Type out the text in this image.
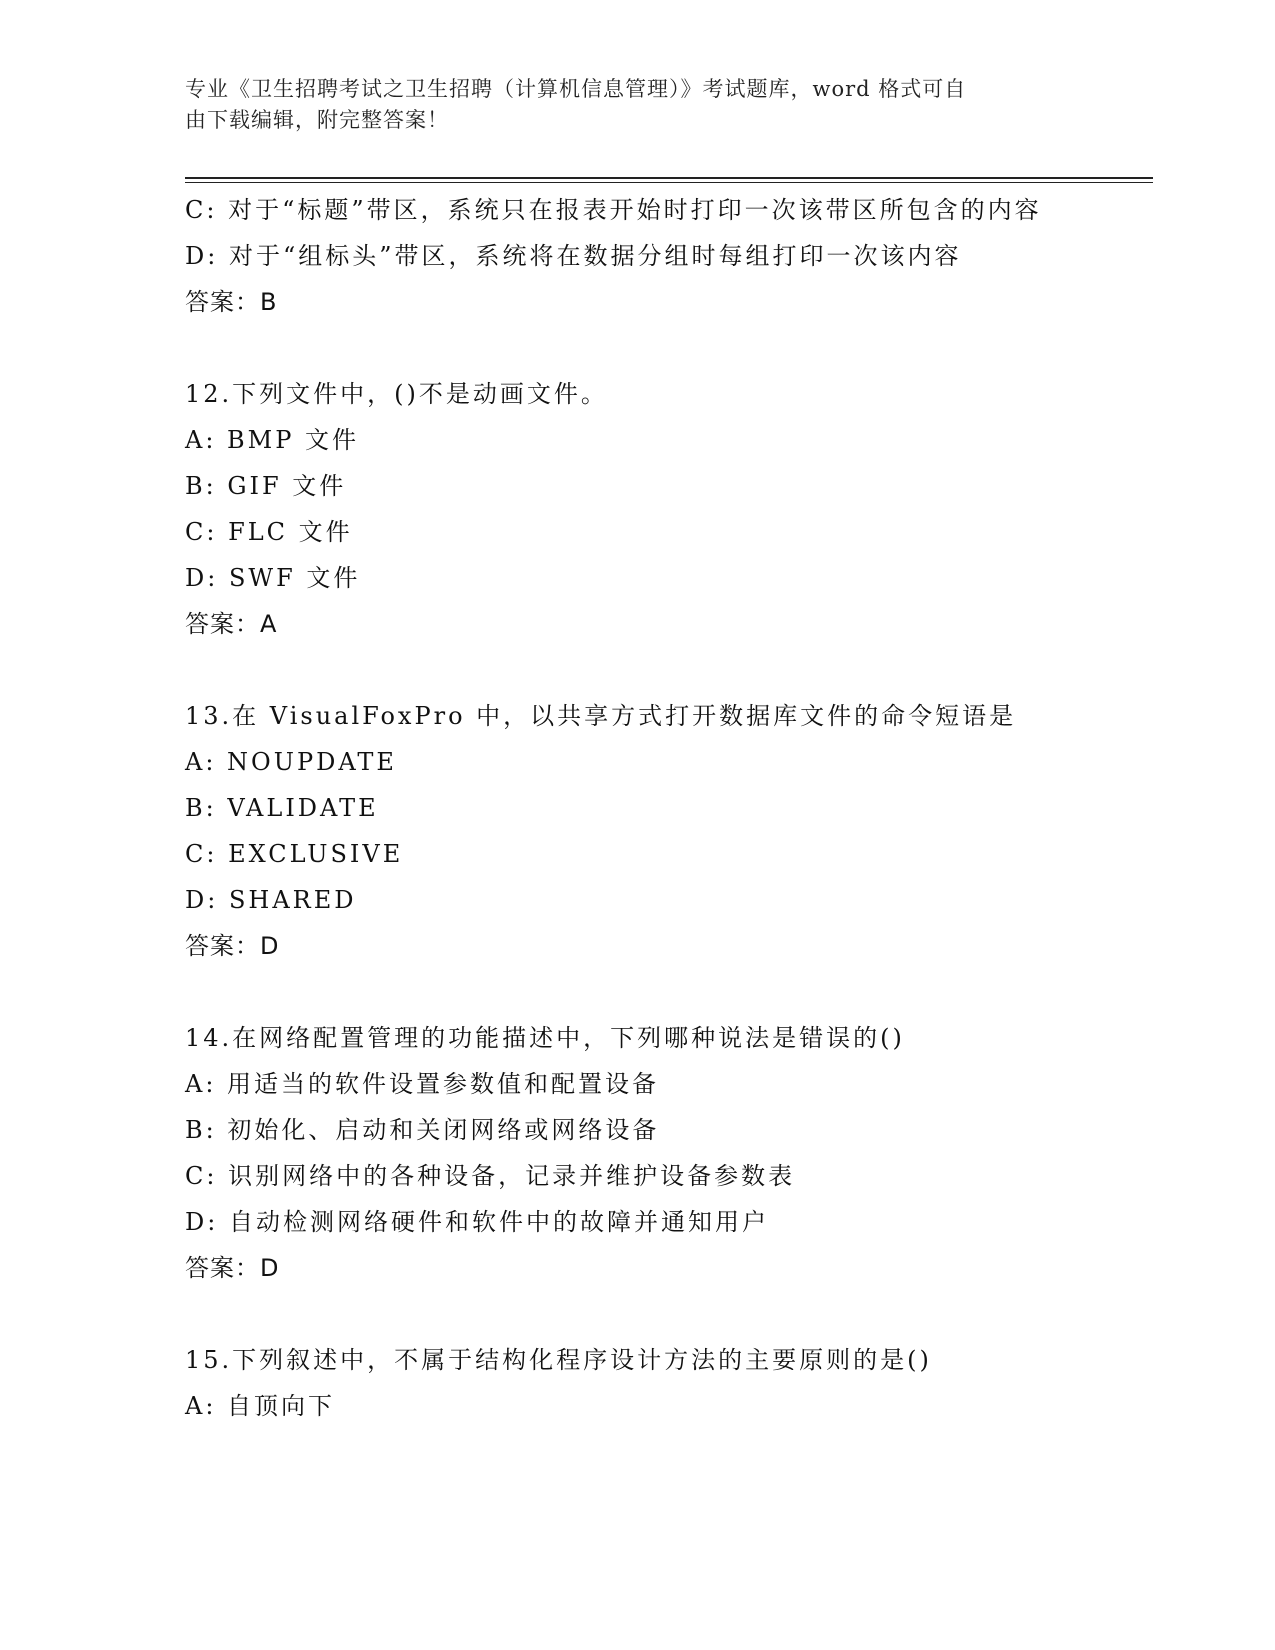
专业《卫生招聘考试之卫生招聘（计算机信息管理）》考试题库，word 格式可自
由下载编辑，附完整答案！
C: 对于“标题”带区，系统只在报表开始时打印一次该带区所包含的内容
D: 对于“组标头”带区，系统将在数据分组时每组打印一次该内容
答案：B
12.下列文件中，()不是动画文件。
A: BMP 文件
B: GIF 文件
C: FLC 文件
D: SWF 文件
答案：A
13.在 VisualFoxPro 中，以共享方式打开数据库文件的命令短语是
A: NOUPDATE
B: VALIDATE
C: EXCLUSIVE
D: SHARED
答案：D
14.在网络配置管理的功能描述中，下列哪种说法是错误的()
A: 用适当的软件设置参数值和配置设备
B: 初始化、启动和关闭网络或网络设备
C: 识别网络中的各种设备，记录并维护设备参数表
D: 自动检测网络硬件和软件中的故障并通知用户
答案：D
15.下列叙述中，不属于结构化程序设计方法的主要原则的是()
A: 自顶向下
